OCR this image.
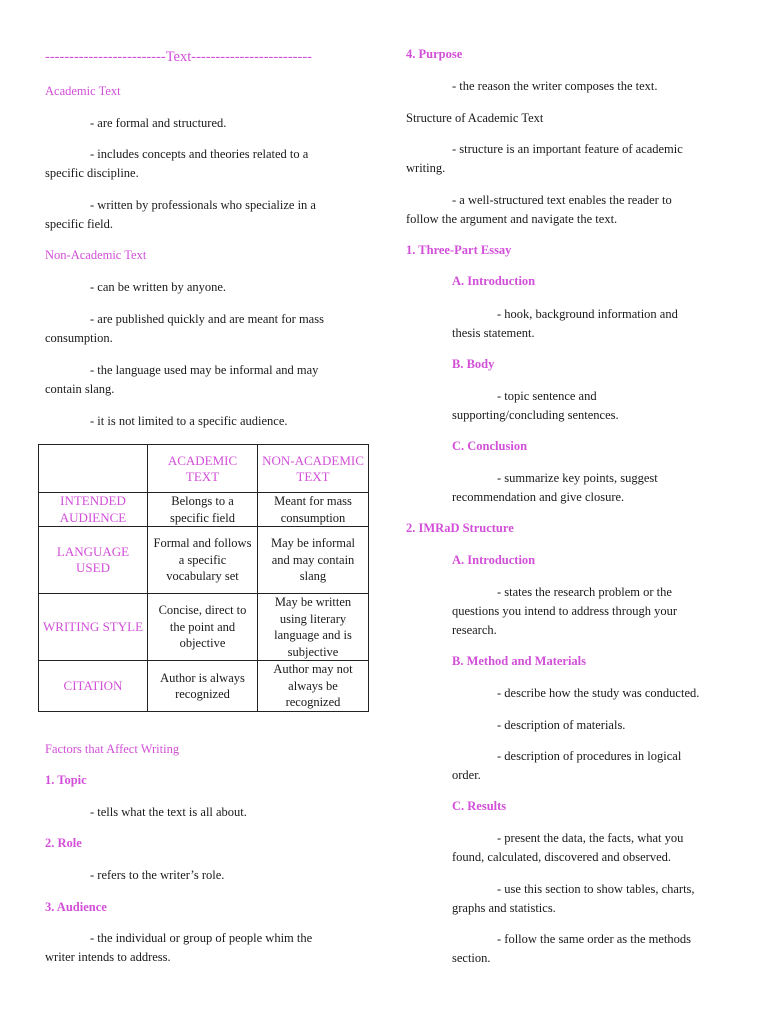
-------------------------Text-------------------------
Academic Text
- are formal and structured.
- includes concepts and theories related to a
specific discipline.
- written by professionals who specialize in a
specific field.
Non-Academic Text
- can be written by anyone.
- are published quickly and are meant for mass
consumption.
- the language used may be informal and may
contain slang.
- it is not limited to a specific audience.
	ACADEMIC TEXT	NON-ACADEMIC TEXT
INTENDED AUDIENCE	Belongs to a specific field	Meant for mass consumption
LANGUAGE USED	Formal and follows a specific vocabulary set	May be informal and may contain slang
WRITING STYLE	Concise, direct to the point and objective	May be written using literary language and is subjective
CITATION	Author is always recognized	Author may not always be recognized
Factors that Affect Writing
1. Topic
- tells what the text is all about.
2. Role
- refers to the writer’s role.
3. Audience
- the individual or group of people whim the
writer intends to address.
4. Purpose
- the reason the writer composes the text.
Structure of Academic Text
- structure is an important feature of academic
writing.
- a well-structured text enables the reader to
follow the argument and navigate the text.
1. Three-Part Essay
A. Introduction
- hook, background information and
thesis statement.
B. Body
- topic sentence and
supporting/concluding sentences.
C. Conclusion
- summarize key points, suggest
recommendation and give closure.
2. IMRaD Structure
A. Introduction
- states the research problem or the
questions you intend to address through your
research.
B. Method and Materials
- describe how the study was conducted.
- description of materials.
- description of procedures in logical
order.
C. Results
- present the data, the facts, what you
found, calculated, discovered and observed.
- use this section to show tables, charts,
graphs and statistics.
- follow the same order as the methods
section.
